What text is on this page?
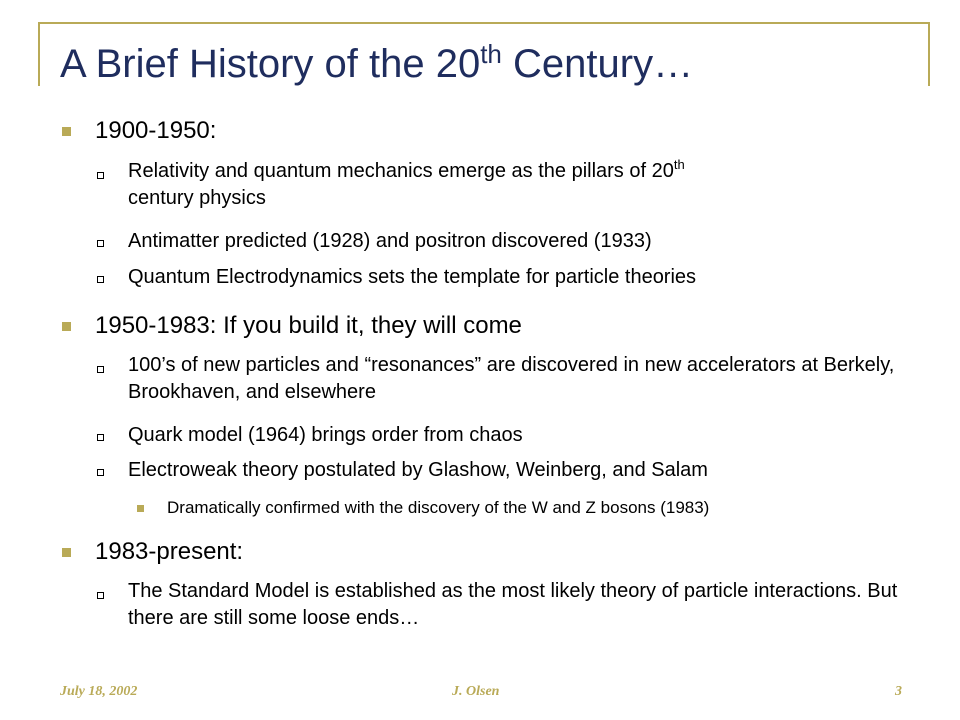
A Brief History of the 20th Century…
1900-1950:
Relativity and quantum mechanics emerge as the pillars of 20th
century physics
Antimatter predicted (1928) and positron discovered (1933)
Quantum Electrodynamics sets the template for particle theories
1950-1983: If you build it, they will come
100’s of new particles and “resonances” are discovered in new accelerators at Berkely, Brookhaven, and elsewhere
Quark model (1964) brings order from chaos
Electroweak theory postulated by Glashow, Weinberg, and Salam
Dramatically confirmed with the discovery of the W and Z bosons (1983)
1983-present:
The Standard Model is established as the most likely theory of particle interactions. But there are still some loose ends…
July 18, 2002	J. Olsen	3
